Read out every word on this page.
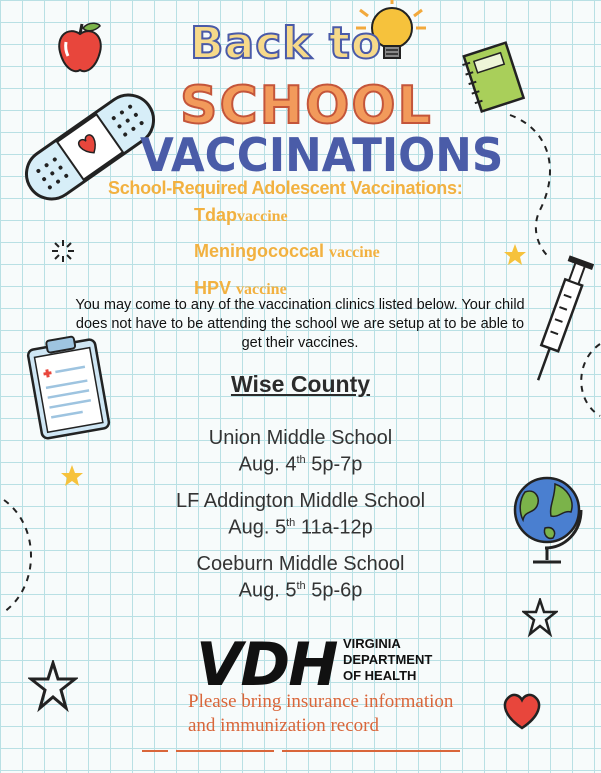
Back to
SCHOOL
VACCINATIONS
School-Required Adolescent Vaccinations:
Tdapvaccine
Meningococcal vaccine
HPV vaccine
You may come to any of the vaccination clinics listed below. Your child does not have to be attending the school we are setup at to be able to get their vaccines.
Wise County
Union Middle School
Aug. 4th 5p-7p
LF Addington Middle School
Aug. 5th 11a-12p
Coeburn Middle School
Aug. 5th 5p-6p
VDH VIRGINIA
DEPARTMENT
OF HEALTH
Please bring insurance information
and immunization record
